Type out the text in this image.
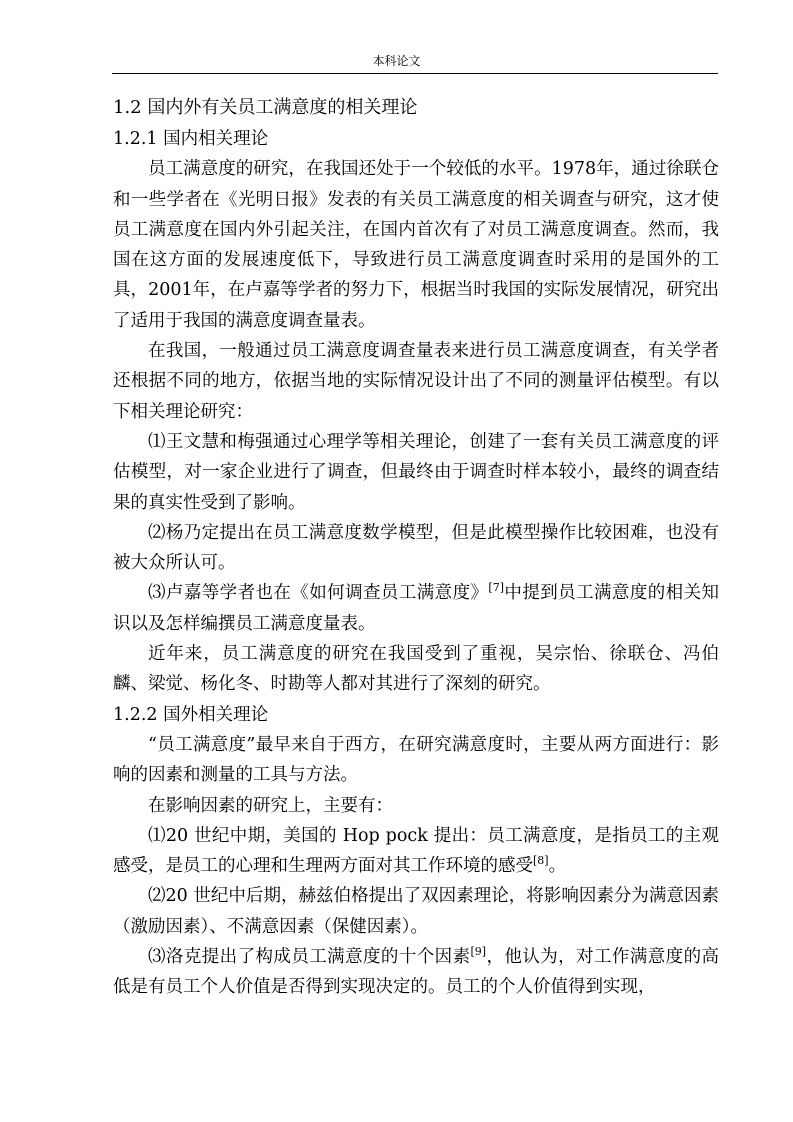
本科论文

1.2 国内外有关员工满意度的相关理论

1.2.1 国内相关理论

员工满意度的研究，在我国还处于一个较低的水平。1978年，通过徐联仓和一些学者在《光明日报》发表的有关员工满意度的相关调查与研究，这才使员工满意度在国内外引起关注，在国内首次有了对员工满意度调查。然而，我国在这方面的发展速度低下，导致进行员工满意度调查时采用的是国外的工具，2001年，在卢嘉等学者的努力下，根据当时我国的实际发展情况，研究出了适用于我国的满意度调查量表。

在我国，一般通过员工满意度调查量表来进行员工满意度调查，有关学者还根据不同的地方，依据当地的实际情况设计出了不同的测量评估模型。有以下相关理论研究：

⑴王文慧和梅强通过心理学等相关理论，创建了一套有关员工满意度的评估模型，对一家企业进行了调查，但最终由于调查时样本较小，最终的调查结果的真实性受到了影响。

⑵杨乃定提出在员工满意度数学模型，但是此模型操作比较困难，也没有被大众所认可。

⑶卢嘉等学者也在《如何调查员工满意度》[7]中提到员工满意度的相关知识以及怎样编撰员工满意度量表。

近年来，员工满意度的研究在我国受到了重视，吴宗怡、徐联仓、冯伯麟、梁觉、杨化冬、时勘等人都对其进行了深刻的研究。

1.2.2 国外相关理论

“员工满意度”最早来自于西方，在研究满意度时，主要从两方面进行：影响的因素和测量的工具与方法。

在影响因素的研究上，主要有：

⑴20 世纪中期，美国的 Hop pock 提出：员工满意度，是指员工的主观感受，是员工的心理和生理两方面对其工作环境的感受[8]。

⑵20 世纪中后期，赫兹伯格提出了双因素理论，将影响因素分为满意因素（激励因素）、不满意因素（保健因素）。

⑶洛克提出了构成员工满意度的十个因素[9]，他认为，对工作满意度的高低是有员工个人价值是否得到实现决定的。员工的个人价值得到实现，
